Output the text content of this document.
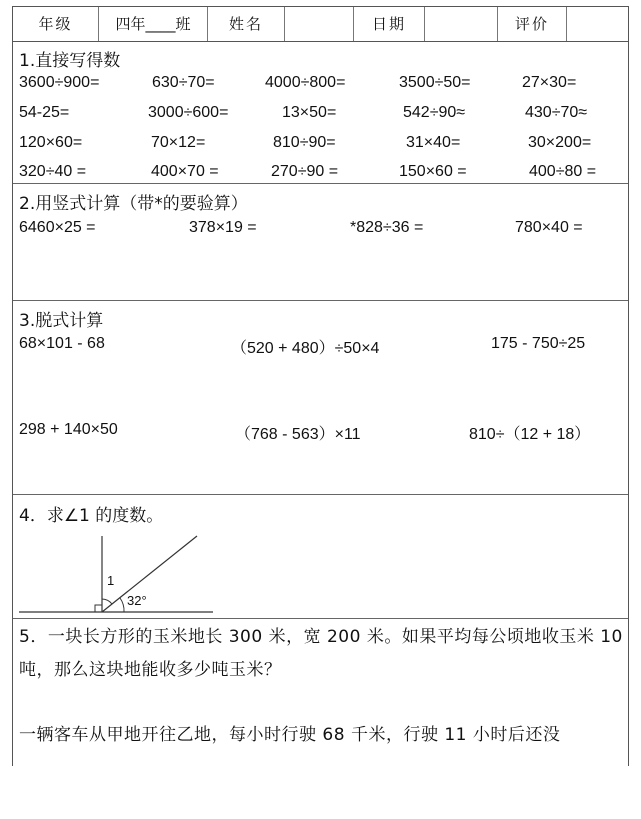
年级	四年____班	姓名	日期	评价
1.直接写得数
3600÷900=	630÷70=	4000÷800=	3500÷50=	27×30=
54-25=	3000÷600=	13×50=	542÷90≈	430÷70≈
120×60=	70×12=	810÷90=	31×40=	30×200=
320÷40 =	400×70 =	270÷90 =	150×60 =	400÷80 =
2.用竖式计算（带*的要验算）
6460×25 =	378×19 =	*828÷36 =	780×40 =
3.脱式计算
68×101 - 68	（520 + 480）÷50×4	175 - 750÷25
298 + 140×50	（768 - 563）×11	810÷（12 + 18）
4．求∠1 的度数。
1
32°
5．一块长方形的玉米地长 300 米，宽 200 米。如果平均每公顷地收玉米 10 吨，那么这块地能收多少吨玉米？
一辆客车从甲地开往乙地，每小时行驶 68 千米，行驶 11 小时后还没
